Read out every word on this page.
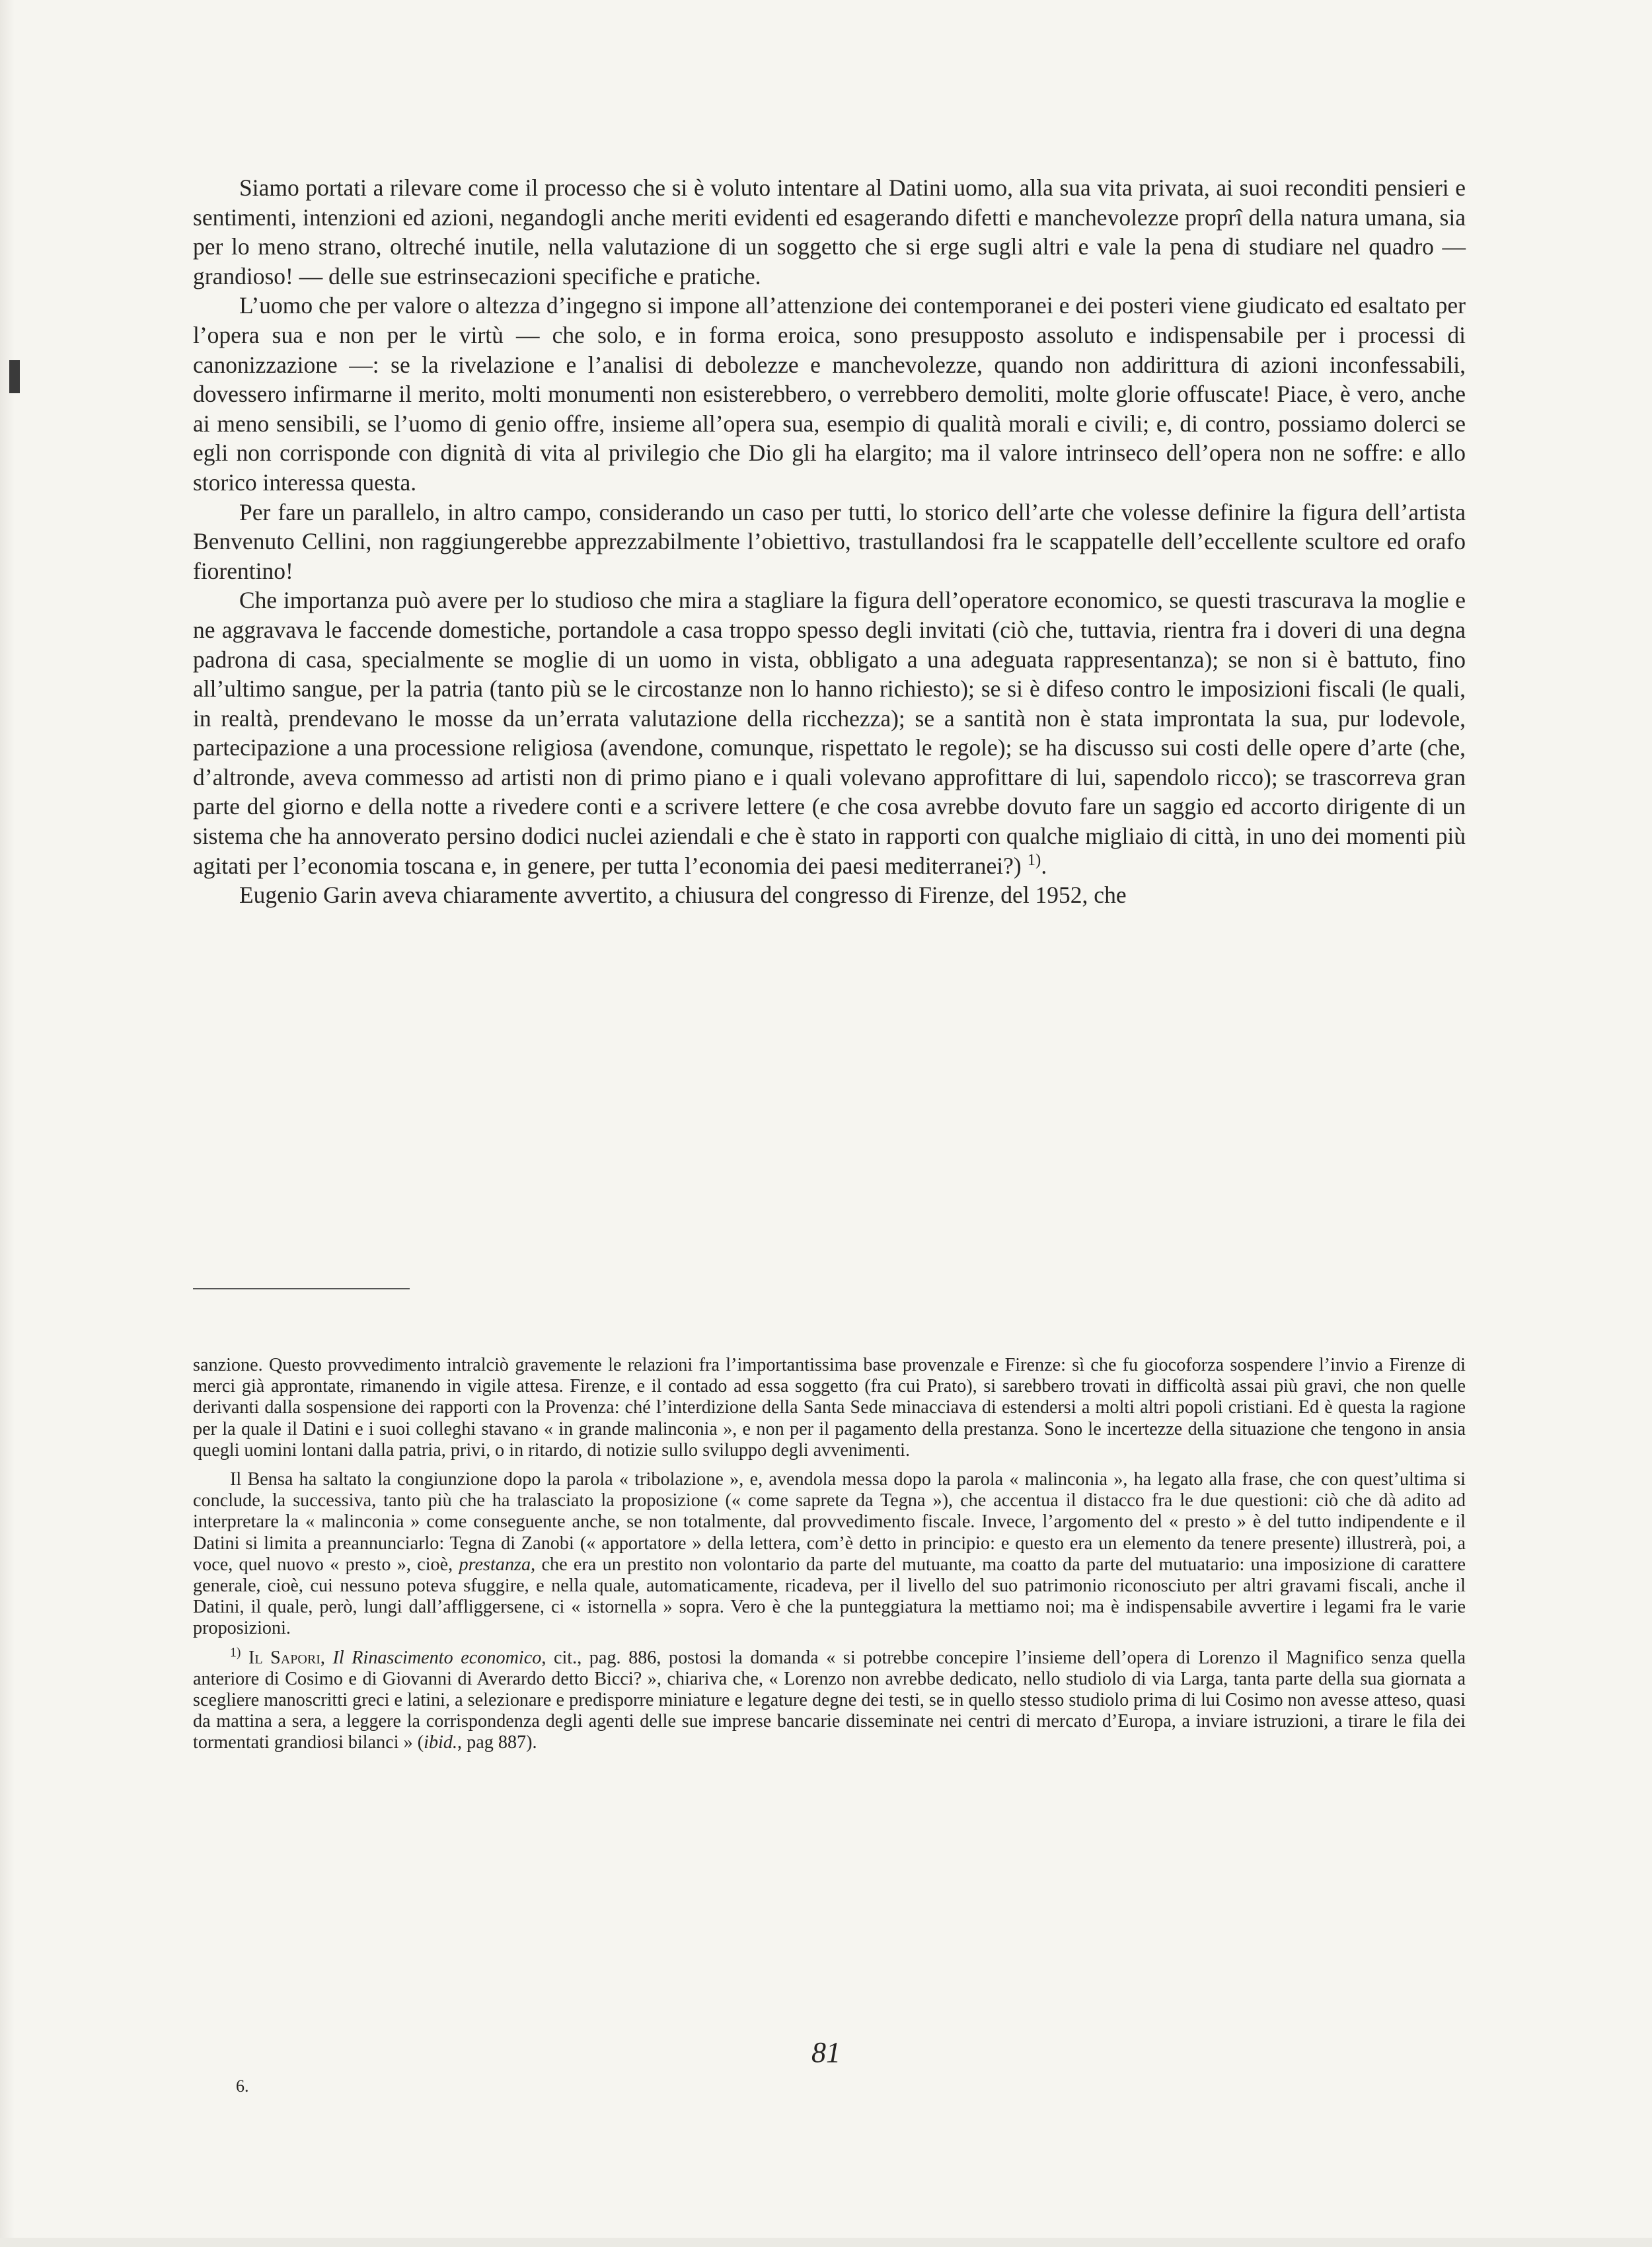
Siamo portati a rilevare come il processo che si è voluto intentare al Datini uomo, alla sua vita privata, ai suoi reconditi pensieri e sentimenti, intenzioni ed azioni, negandogli anche meriti evidenti ed esagerando difetti e manchevolezze proprî della natura umana, sia per lo meno strano, oltreché inutile, nella valutazione di un soggetto che si erge sugli altri e vale la pena di studiare nel quadro — grandioso! — delle sue estrinsecazioni specifiche e pratiche.

L’uomo che per valore o altezza d’ingegno si impone all’attenzione dei contemporanei e dei posteri viene giudicato ed esaltato per l’opera sua e non per le virtù — che solo, e in forma eroica, sono presupposto assoluto e indispensabile per i processi di canonizzazione —: se la rivelazione e l’analisi di debolezze e manchevolezze, quando non addirittura di azioni inconfessabili, dovessero infirmarne il merito, molti monumenti non esisterebbero, o verrebbero demoliti, molte glorie offuscate! Piace, è vero, anche ai meno sensibili, se l’uomo di genio offre, insieme all’opera sua, esempio di qualità morali e civili; e, di contro, possiamo dolerci se egli non corrisponde con dignità di vita al privilegio che Dio gli ha elargito; ma il valore intrinseco dell’opera non ne soffre: e allo storico interessa questa.

Per fare un parallelo, in altro campo, considerando un caso per tutti, lo storico dell’arte che volesse definire la figura dell’artista Benvenuto Cellini, non raggiungerebbe apprezzabilmente l’obiettivo, trastullandosi fra le scappatelle dell’eccellente scultore ed orafo fiorentino!

Che importanza può avere per lo studioso che mira a stagliare la figura dell’operatore economico, se questi trascurava la moglie e ne aggravava le faccende domestiche, portandole a casa troppo spesso degli invitati (ciò che, tuttavia, rientra fra i doveri di una degna padrona di casa, specialmente se moglie di un uomo in vista, obbligato a una adeguata rappresentanza); se non si è battuto, fino all’ultimo sangue, per la patria (tanto più se le circostanze non lo hanno richiesto); se si è difeso contro le imposizioni fiscali (le quali, in realtà, prendevano le mosse da un’errata valutazione della ricchezza); se a santità non è stata improntata la sua, pur lodevole, partecipazione a una processione religiosa (avendone, comunque, rispettato le regole); se ha discusso sui costi delle opere d’arte (che, d’altronde, aveva commesso ad artisti non di primo piano e i quali volevano approfittare di lui, sapendolo ricco); se trascorreva gran parte del giorno e della notte a rivedere conti e a scrivere lettere (e che cosa avrebbe dovuto fare un saggio ed accorto dirigente di un sistema che ha annoverato persino dodici nuclei aziendali e che è stato in rapporti con qualche migliaio di città, in uno dei momenti più agitati per l’economia toscana e, in genere, per tutta l’economia dei paesi mediterranei?) $^{1)}$.

Eugenio Garin aveva chiaramente avvertito, a chiusura del congresso di Firenze, del 1952, che

sanzione. Questo provvedimento intralciò gravemente le relazioni fra l’importantissima base provenzale e Firenze: sì che fu giocoforza sospendere l’invio a Firenze di merci già approntate, rimanendo in vigile attesa. Firenze, e il contado ad essa soggetto (fra cui Prato), si sarebbero trovati in difficoltà assai più gravi, che non quelle derivanti dalla sospensione dei rapporti con la Provenza: ché l’interdizione della Santa Sede minacciava di estendersi a molti altri popoli cristiani. Ed è questa la ragione per la quale il Datini e i suoi colleghi stavano « in grande malinconia », e non per il pagamento della prestanza. Sono le incertezze della situazione che tengono in ansia quegli uomini lontani dalla patria, privi, o in ritardo, di notizie sullo sviluppo degli avvenimenti.

Il Bensa ha saltato la congiunzione dopo la parola « tribolazione », e, avendola messa dopo la parola « malinconia », ha legato alla frase, che con quest’ultima si conclude, la successiva, tanto più che ha tralasciato la proposizione (« come saprete da Tegna »), che accentua il distacco fra le due questioni: ciò che dà adito ad interpretare la « malinconia » come conseguente anche, se non totalmente, dal provvedimento fiscale. Invece, l’argomento del « presto » è del tutto indipendente e il Datini si limita a preannunciarlo: Tegna di Zanobi (« apportatore » della lettera, com’è detto in principio: e questo era un elemento da tenere presente) illustrerà, poi, a voce, quel nuovo « presto », cioè, prestanza, che era un prestito non volontario da parte del mutuante, ma coatto da parte del mutuatario: una imposizione di carattere generale, cioè, cui nessuno poteva sfuggire, e nella quale, automaticamente, ricadeva, per il livello del suo patrimonio riconosciuto per altri gravami fiscali, anche il Datini, il quale, però, lungi dall’affliggersene, ci « istornella » sopra. Vero è che la punteggiatura la mettiamo noi; ma è indispensabile avvertire i legami fra le varie proposizioni.

$^{1)}$ Il Sapori, Il Rinascimento economico, cit., pag. 886, postosi la domanda « si potrebbe concepire l’insieme dell’opera di Lorenzo il Magnifico senza quella anteriore di Cosimo e di Giovanni di Averardo detto Bicci? », chiariva che, « Lorenzo non avrebbe dedicato, nello studiolo di via Larga, tanta parte della sua giornata a scegliere manoscritti greci e latini, a selezionare e predisporre miniature e legature degne dei testi, se in quello stesso studiolo prima di lui Cosimo non avesse atteso, quasi da mattina a sera, a leggere la corrispondenza degli agenti delle sue imprese bancarie disseminate nei centri di mercato d’Europa, a inviare istruzioni, a tirare le fila dei tormentati grandiosi bilanci » (ibid., pag 887).

81
6.
